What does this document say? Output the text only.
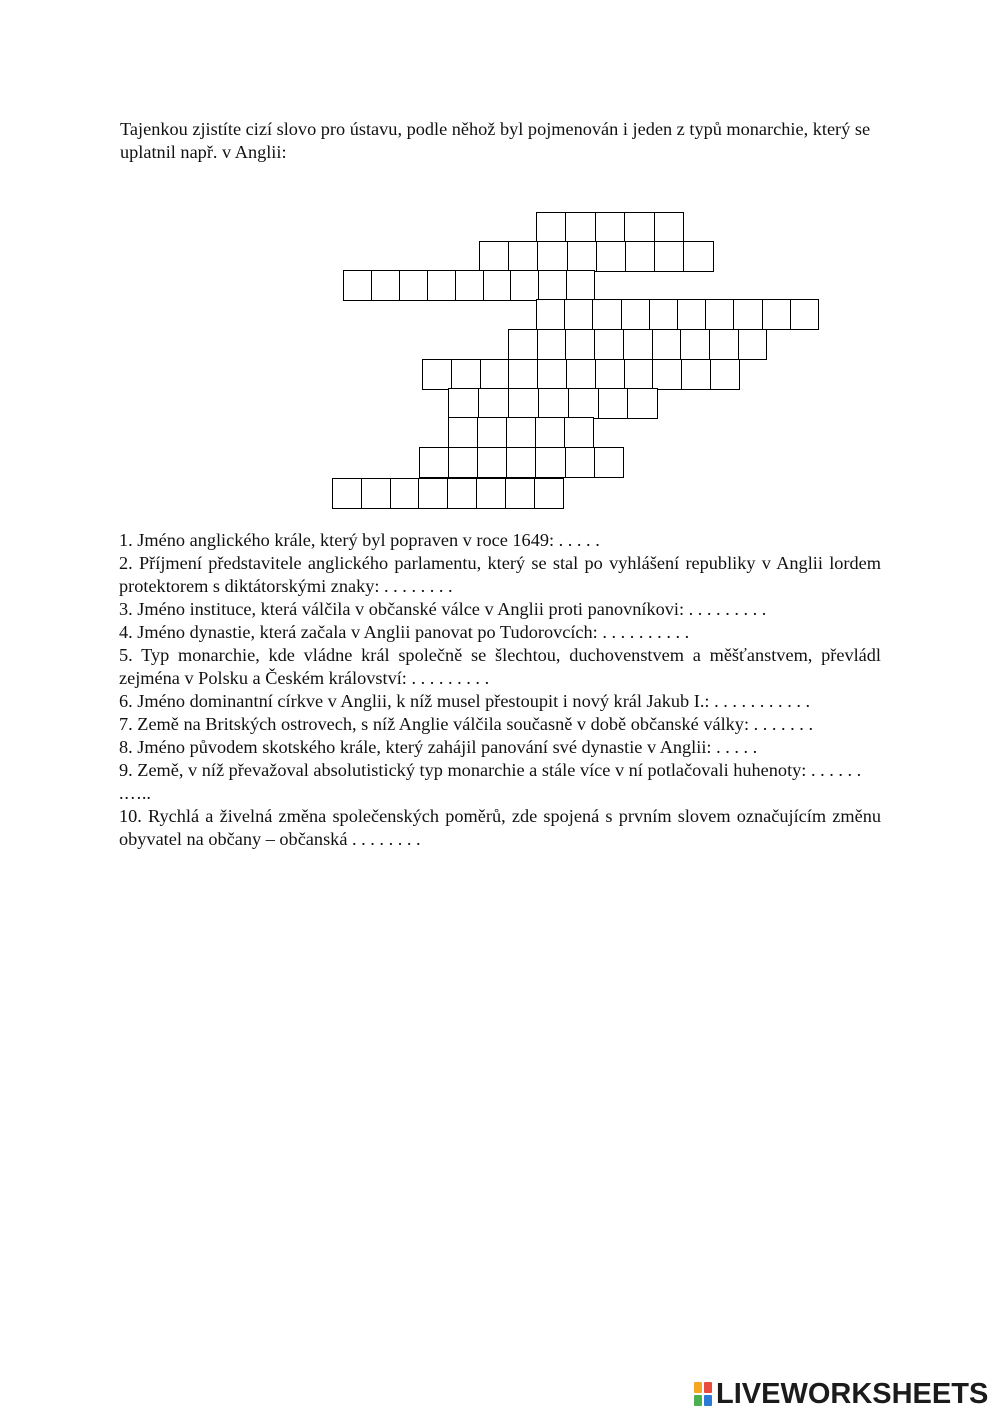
Tajenkou zjistíte cizí slovo pro ústavu, podle něhož byl pojmenován i jeden z typů monarchie, který se uplatnil např. v Anglii:

1. Jméno anglického krále, který byl popraven v roce 1649: . . . . .

2. Příjmení představitele anglického parlamentu, který se stal po vyhlášení republiky v Anglii lordem protektorem s diktátorskými znaky: . . . . . . . .

3. Jméno instituce, která válčila v občanské válce v Anglii proti panovníkovi: . . . . . . . . .

4. Jméno dynastie, která začala v Anglii panovat po Tudorovcích: . . . . . . . . . .

5. Typ monarchie, kde vládne král společně se šlechtou, duchovenstvem a měšťanstvem, převládl zejména v Polsku a Českém království: . . . . . . . . .

6. Jméno dominantní církve v Anglii, k níž musel přestoupit i nový král Jakub I.: . . . . . . . . . . .

7. Země na Britských ostrovech, s níž Anglie válčila současně v době občanské války: . . . . . . .

8. Jméno původem skotského krále, který zahájil panování své dynastie v Anglii: . . . . .

9. Země, v níž převažoval absolutistický typ monarchie a stále více v ní potlačovali huhenoty: . . . . . . .…..

10. Rychlá a živelná změna společenských poměrů, zde spojená s prvním slovem označujícím změnu obyvatel na občany – občanská . . . . . . . .

LIVEWORKSHEETS
